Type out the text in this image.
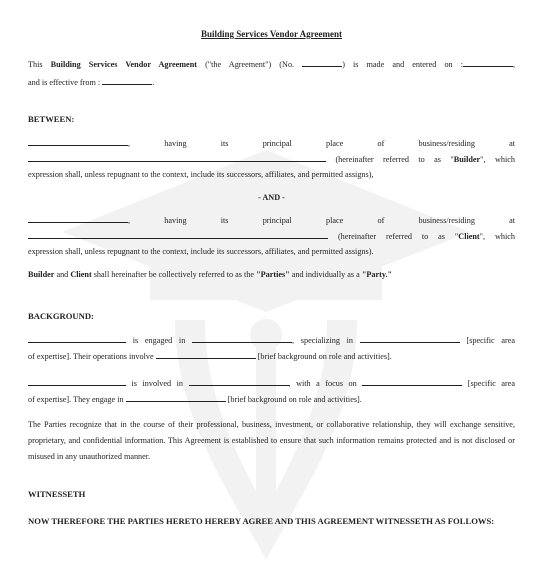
Building Services Vendor Agreement

This Building Services Vendor Agreement ("the Agreement") (No.	) is made and entered on :	,

and is effective from :	.

BETWEEN:

,	having	its	principal	place	of	business/residing	at

(hereinafter referred to as "Builder", which

expression shall, unless repugnant to the context, include its successors, affiliates, and permitted assigns),

- AND -

,	having	its	principal	place	of	business/residing	at

(hereinafter referred to as "Client", which

expression shall, unless repugnant to the context, include its successors, affiliates, and permitted assigns).

Builder and Client shall hereinafter be collectively referred to as the "Parties" and individually as a "Party."

BACKGROUND:

is engaged in	, specializing in	[specific area

of expertise]. Their operations involve	[brief background on role and activities].

is involved in	, with a focus on	[specific area

of expertise]. They engage in	[brief background on role and activities].

The Parties recognize that in the course of their professional, business, investment, or collaborative relationship, they will exchange sensitive, proprietary, and confidential information. This Agreement is established to ensure that such information remains protected and is not disclosed or misused in any unauthorized manner.

WITNESSETH

NOW THEREFORE THE PARTIES HERETO HEREBY AGREE AND THIS AGREEMENT WITNESSETH AS FOLLOWS:
